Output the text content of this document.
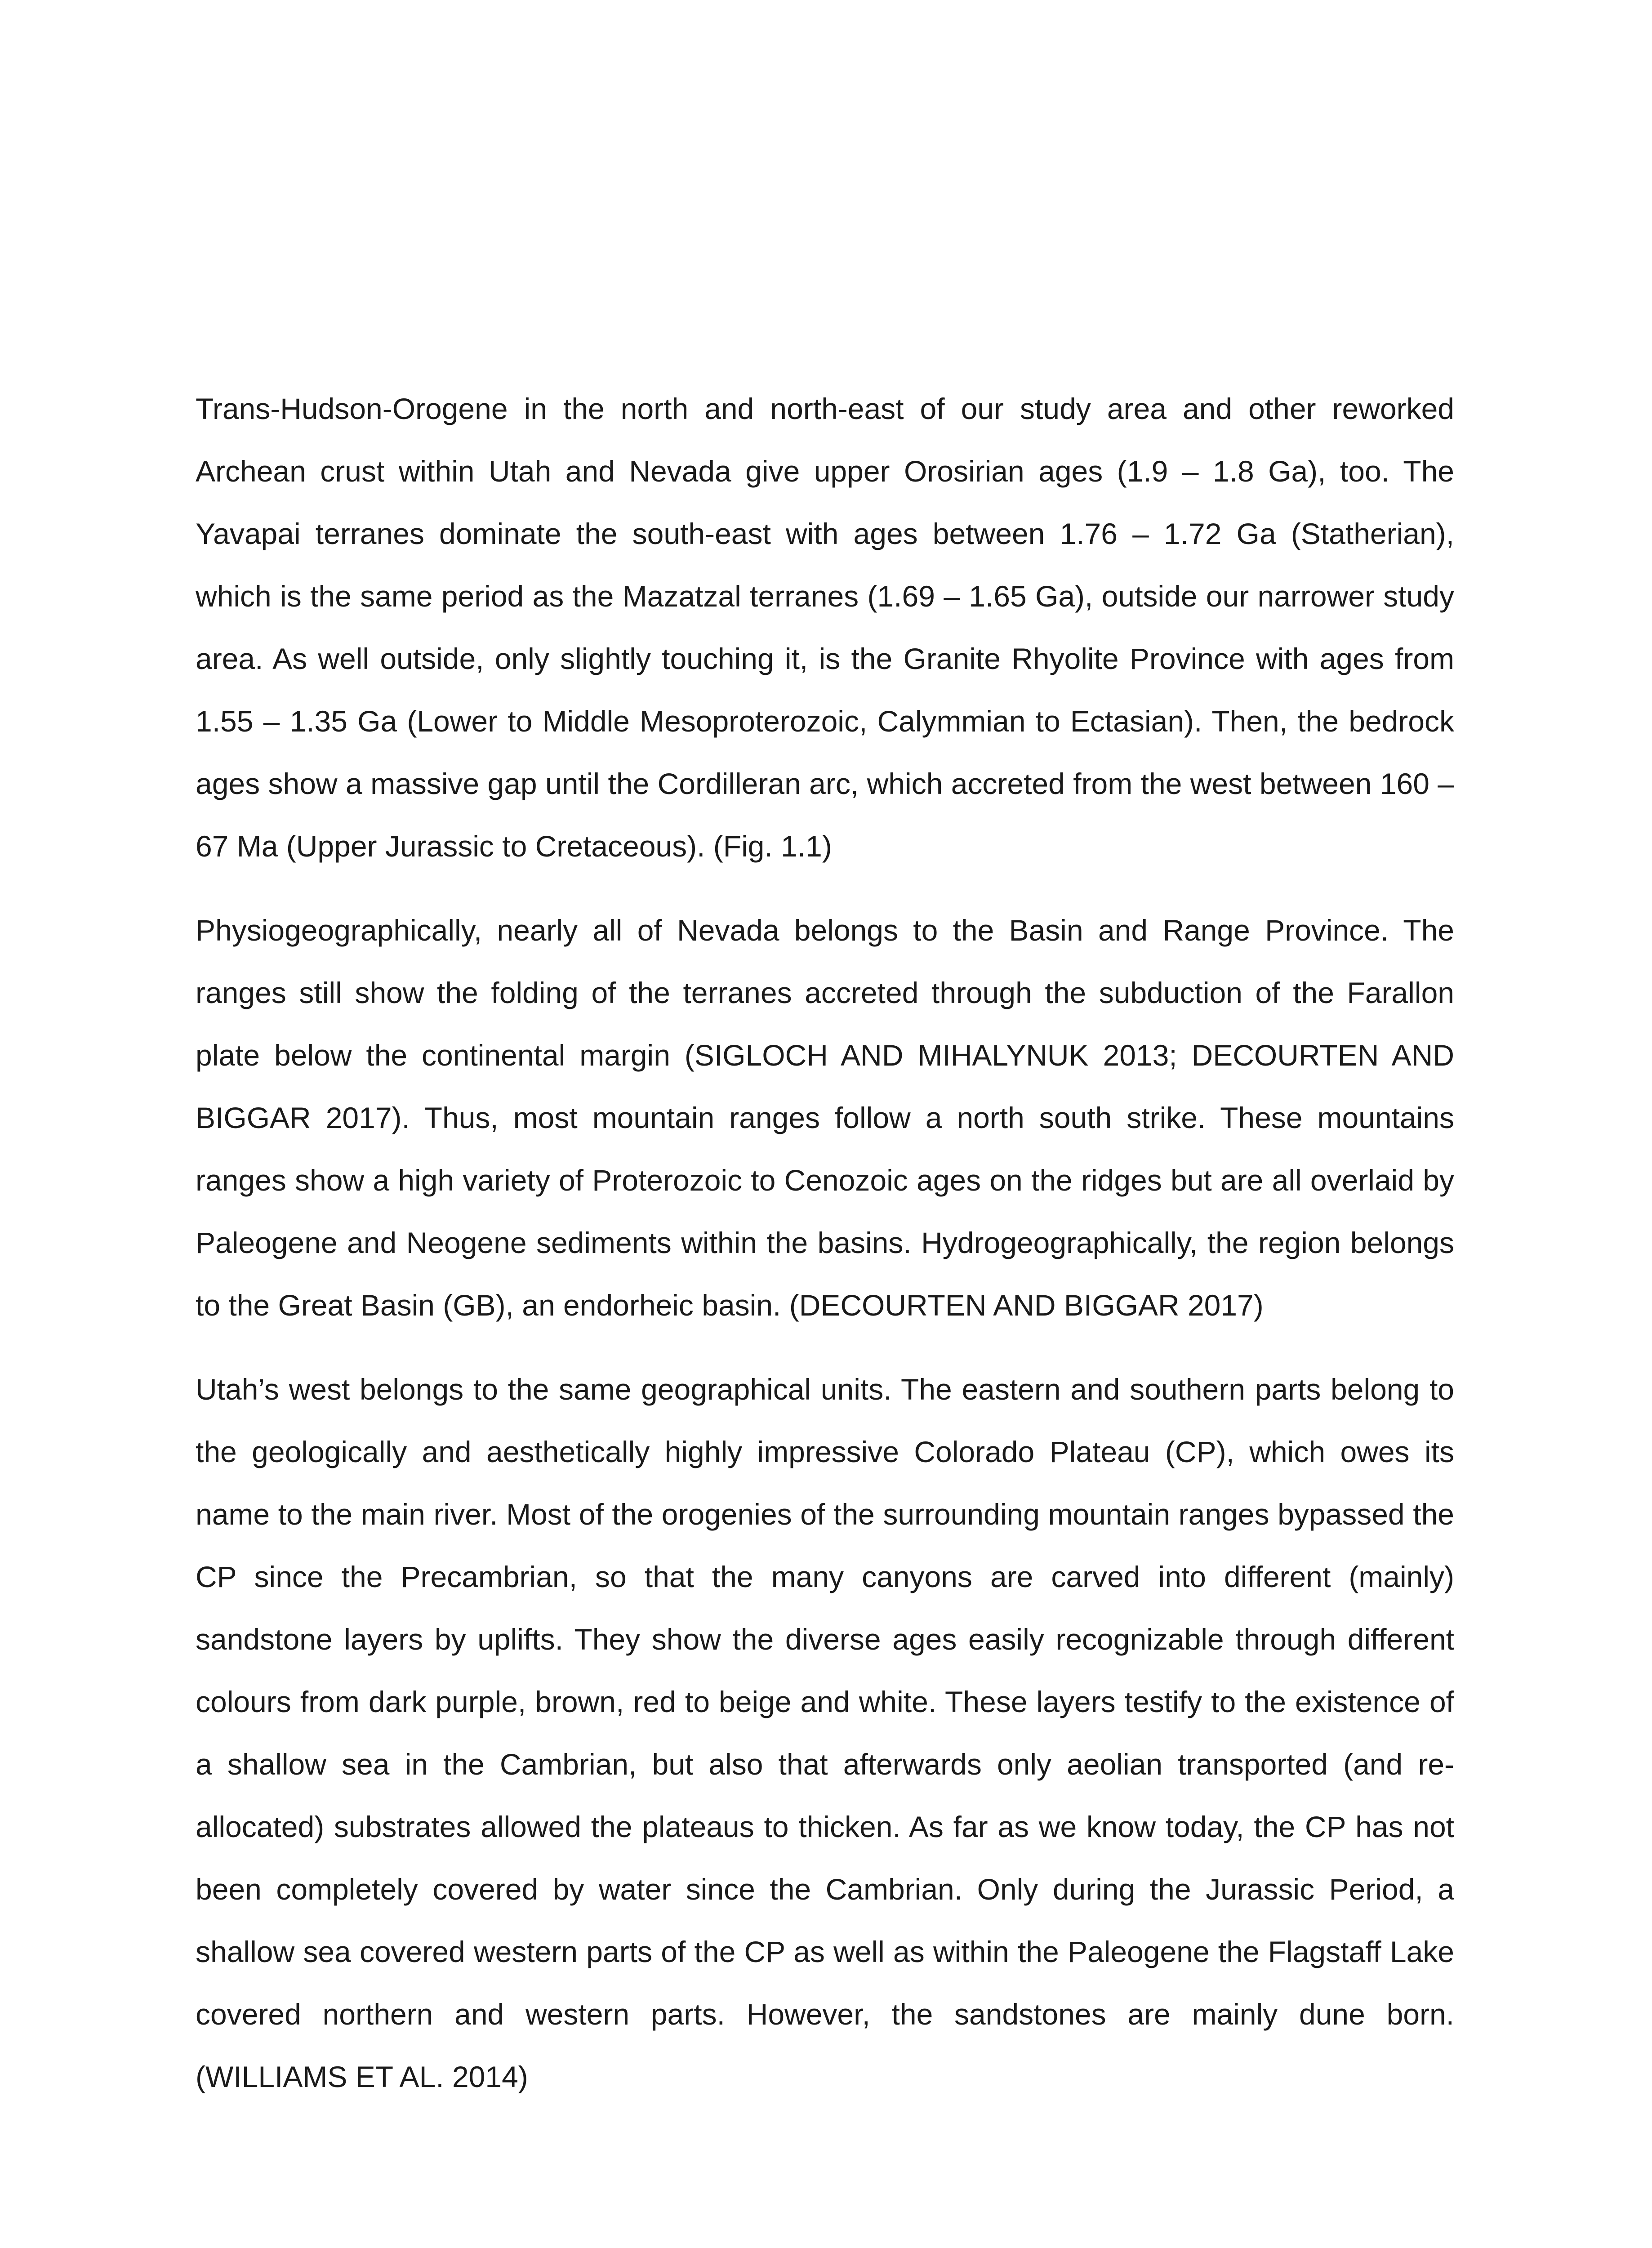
Trans-Hudson-Orogene in the north and north-east of our study area and other reworked Archean crust within Utah and Nevada give upper Orosirian ages (1.9 – 1.8 Ga), too. The Yavapai terranes dominate the south-east with ages between 1.76 – 1.72 Ga (Statherian), which is the same period as the Mazatzal terranes (1.69 – 1.65 Ga), outside our narrower study area. As well outside, only slightly touching it, is the Granite Rhyolite Province with ages from 1.55 – 1.35 Ga (Lower to Middle Mesoproterozoic, Calymmian to Ectasian). Then, the bedrock ages show a massive gap until the Cordilleran arc, which accreted from the west between 160 – 67 Ma (Upper Jurassic to Cretaceous). (Fig. 1.1)

Physiogeographically, nearly all of Nevada belongs to the Basin and Range Province. The ranges still show the folding of the terranes accreted through the subduction of the Farallon plate below the continental margin (SIGLOCH AND MIHALYNUK 2013; DECOURTEN AND BIGGAR 2017). Thus, most mountain ranges follow a north south strike. These mountains ranges show a high variety of Proterozoic to Cenozoic ages on the ridges but are all overlaid by Paleogene and Neogene sediments within the basins. Hydrogeographically, the region belongs to the Great Basin (GB), an endorheic basin. (DECOURTEN AND BIGGAR 2017)

Utah’s west belongs to the same geographical units. The eastern and southern parts belong to the geologically and aesthetically highly impressive Colorado Plateau (CP), which owes its name to the main river. Most of the orogenies of the surrounding mountain ranges bypassed the CP since the Precambrian, so that the many canyons are carved into different (mainly) sandstone layers by uplifts. They show the diverse ages easily recognizable through different colours from dark purple, brown, red to beige and white. These layers testify to the existence of a shallow sea in the Cambrian, but also that afterwards only aeolian transported (and re-allocated) substrates allowed the plateaus to thicken. As far as we know today, the CP has not been completely covered by water since the Cambrian. Only during the Jurassic Period, a shallow sea covered western parts of the CP as well as within the Paleogene the Flagstaff Lake covered northern and western parts. However, the sandstones are mainly dune born. (WILLIAMS ET AL. 2014)
